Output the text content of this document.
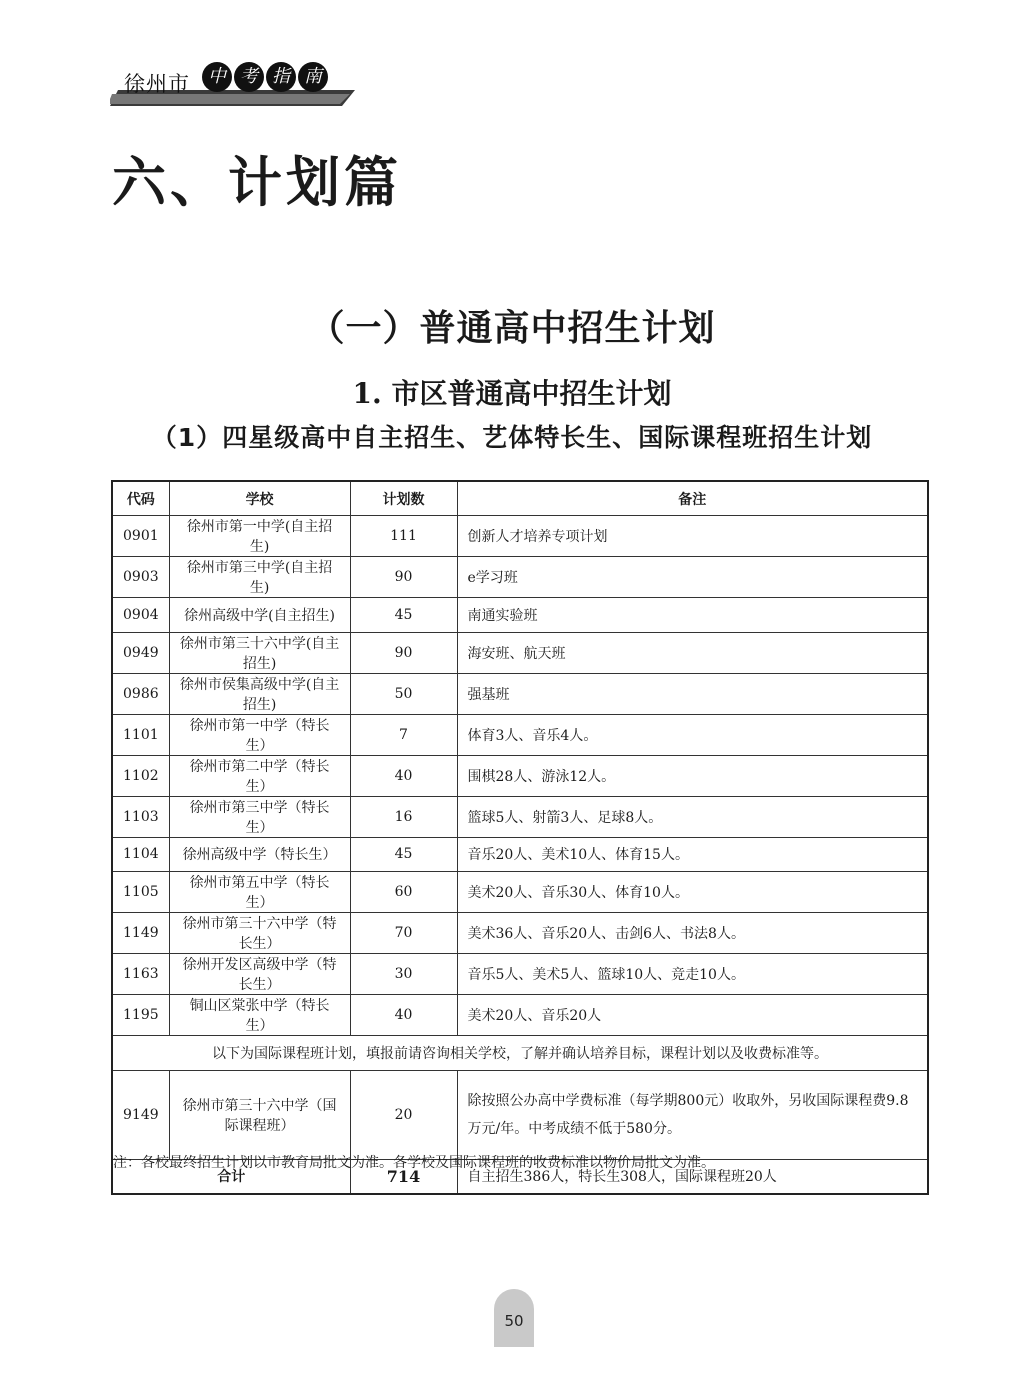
徐州市	中 考 指 南
六、计划篇
（一）普通高中招生计划
1. 市区普通高中招生计划
（1）四星级高中自主招生、艺体特长生、国际课程班招生计划
代码	学校	计划数	备注
0901	徐州市第一中学(自主招生)	111	创新人才培养专项计划
0903	徐州市第三中学(自主招生)	90	e学习班
0904	徐州高级中学(自主招生)	45	南通实验班
0949	徐州市第三十六中学(自主招生)	90	海安班、航天班
0986	徐州市侯集高级中学(自主招生)	50	强基班
1101	徐州市第一中学（特长生）	7	体育3人、音乐4人。
1102	徐州市第二中学（特长生）	40	围棋28人、游泳12人。
1103	徐州市第三中学（特长生）	16	篮球5人、射箭3人、足球8人。
1104	徐州高级中学（特长生）	45	音乐20人、美术10人、体育15人。
1105	徐州市第五中学（特长生）	60	美术20人、音乐30人、体育10人。
1149	徐州市第三十六中学（特长生）	70	美术36人、音乐20人、击剑6人、书法8人。
1163	徐州开发区高级中学（特长生）	30	音乐5人、美术5人、篮球10人、竞走10人。
1195	铜山区棠张中学（特长生）	40	美术20人、音乐20人
以下为国际课程班计划，填报前请咨询相关学校，了解并确认培养目标，课程计划以及收费标准等。			
9149	徐州市第三十六中学（国际课程班）	20	除按照公办高中学费标准（每学期800元）收取外，另收国际课程费9.8万元/年。中考成绩不低于580分。
合计		714	自主招生386人，特长生308人，国际课程班20人
注：各校最终招生计划以市教育局批文为准。各学校及国际课程班的收费标准以物价局批文为准。
50
